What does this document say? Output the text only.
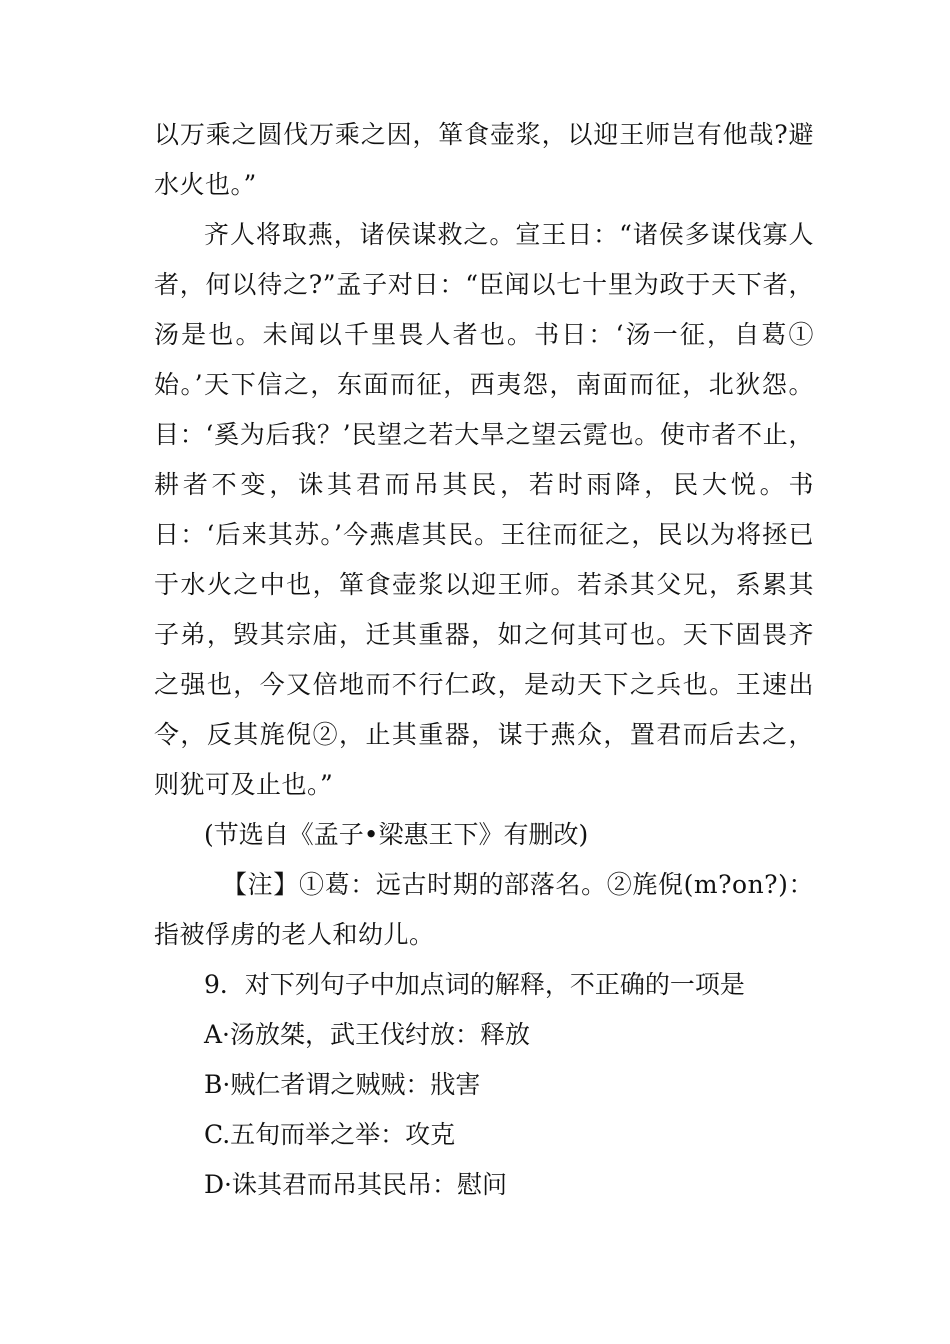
以万乘之圆伐万乘之因，箪食壶浆，以迎王师岂有他哉?避水火也。”

齐人将取燕，诸侯谋救之。宣王日：“诸侯多谋伐寡人者，何以待之?”孟子对日：“臣闻以七十里为政于天下者，汤是也。未闻以千里畏人者也。书日：‘汤一征，自葛①始。’天下信之，东面而征，西夷怨，南面而征，北狄怨。目：‘奚为后我？’民望之若大旱之望云霓也。使市者不止，耕者不变，诛其君而吊其民，若时雨降，民大悦。书日：‘后来其苏。’今燕虐其民。王往而征之，民以为将拯已于水火之中也，箪食壶浆以迎王师。若杀其父兄，系累其子弟，毁其宗庙，迁其重器，如之何其可也。天下固畏齐之强也，今又倍地而不行仁政，是动天下之兵也。王速出令，反其旄倪②，止其重器，谋于燕众，置君而后去之，则犹可及止也。”

(节选自《孟子•梁惠王下》有删改)

【注】①葛：远古时期的部落名。②旄倪(m?on?)：指被俘虏的老人和幼儿。

9．对下列句子中加点词的解释，不正确的一项是

A·汤放桀，武王伐纣放：释放

B·贼仁者谓之贼贼：戕害

C.五旬而举之举：攻克

D·诛其君而吊其民吊：慰问
